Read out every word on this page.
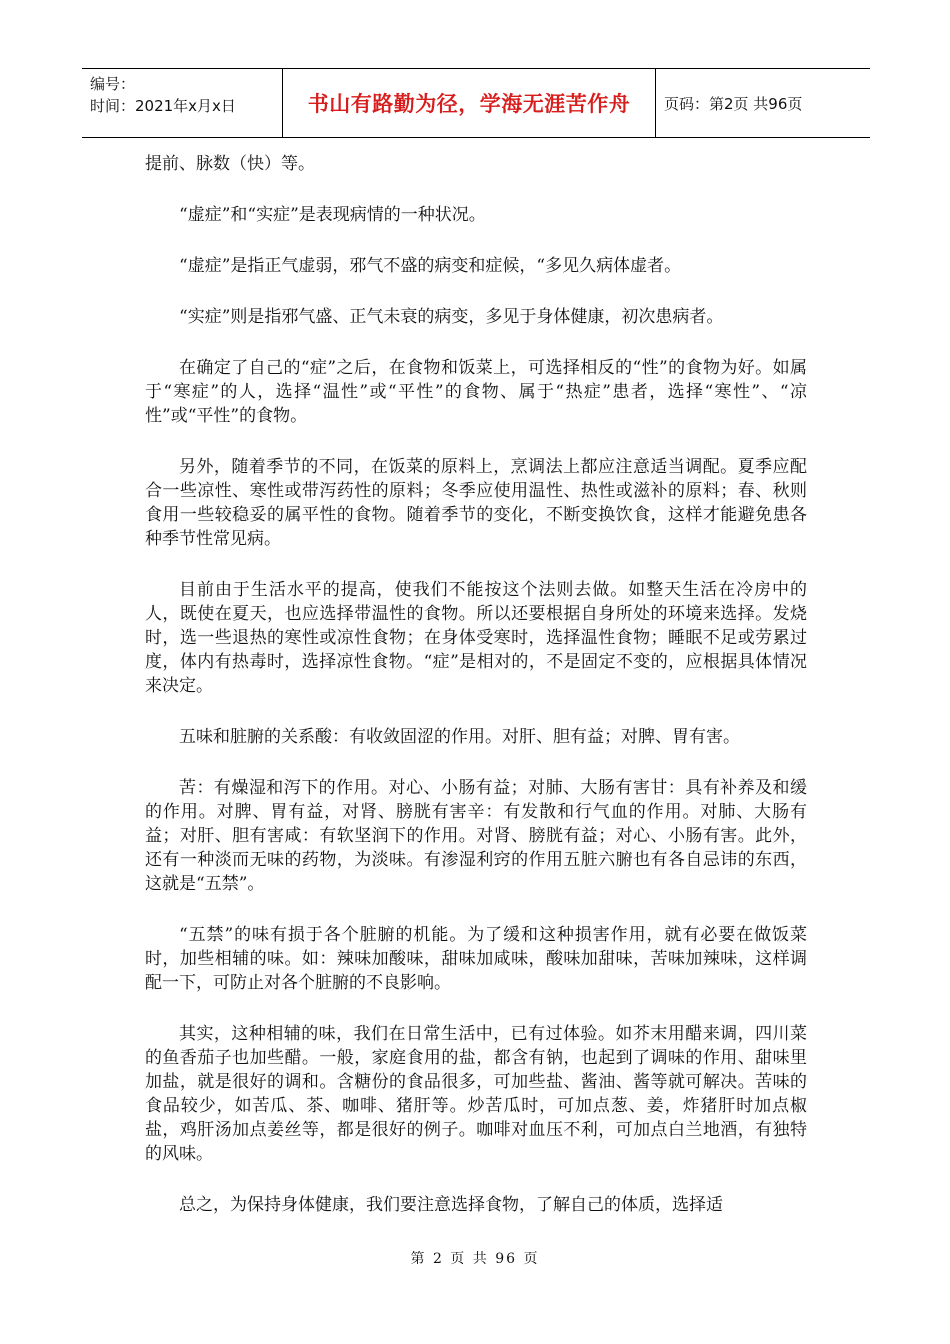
编号：
时间：2021年x月x日	书山有路勤为径，学海无涯苦作舟	页码：第2页 共96页

提前、脉数（快）等。

“虚症”和“实症”是表现病情的一种状况。

“虚症”是指正气虚弱，邪气不盛的病变和症候，“多见久病体虚者。

“实症”则是指邪气盛、正气未衰的病变，多见于身体健康，初次患病者。

在确定了自己的“症”之后，在食物和饭菜上，可选择相反的“性”的食物为好。如属于“寒症”的人，选择“温性”或“平性”的食物、属于“热症”患者，选择“寒性”、“凉性”或“平性”的食物。

另外，随着季节的不同，在饭菜的原料上，烹调法上都应注意适当调配。夏季应配合一些凉性、寒性或带泻药性的原料；冬季应使用温性、热性或滋补的原料；春、秋则食用一些较稳妥的属平性的食物。随着季节的变化，不断变换饮食，这样才能避免患各种季节性常见病。

目前由于生活水平的提高，使我们不能按这个法则去做。如整天生活在冷房中的人，既使在夏天，也应选择带温性的食物。所以还要根据自身所处的环境来选择。发烧时，选一些退热的寒性或凉性食物；在身体受寒时，选择温性食物；睡眠不足或劳累过度，体内有热毒时，选择凉性食物。“症”是相对的，不是固定不变的，应根据具体情况来决定。

五味和脏腑的关系酸：有收敛固涩的作用。对肝、胆有益；对脾、胃有害。

苦：有燥湿和泻下的作用。对心、小肠有益；对肺、大肠有害甘：具有补养及和缓的作用。对脾、胃有益，对肾、膀胱有害辛：有发散和行气血的作用。对肺、大肠有益；对肝、胆有害咸：有软坚润下的作用。对肾、膀胱有益；对心、小肠有害。此外，还有一种淡而无味的药物，为淡味。有渗湿利窍的作用五脏六腑也有各自忌讳的东西，这就是“五禁”。

“五禁”的味有损于各个脏腑的机能。为了缓和这种损害作用，就有必要在做饭菜时，加些相辅的味。如：辣味加酸味，甜味加咸味，酸味加甜味，苦味加辣味，这样调配一下，可防止对各个脏腑的不良影响。

其实，这种相辅的味，我们在日常生活中，已有过体验。如芥末用醋来调，四川菜的鱼香茄子也加些醋。一般，家庭食用的盐，都含有钠，也起到了调味的作用、甜味里加盐，就是很好的调和。含糖份的食品很多，可加些盐、酱油、酱等就可解决。苦味的食品较少，如苦瓜、茶、咖啡、猪肝等。炒苦瓜时，可加点葱、姜，炸猪肝时加点椒盐，鸡肝汤加点姜丝等，都是很好的例子。咖啡对血压不利，可加点白兰地酒，有独特的风味。

总之，为保持身体健康，我们要注意选择食物，了解自己的体质，选择适

第 2 页 共 96 页
